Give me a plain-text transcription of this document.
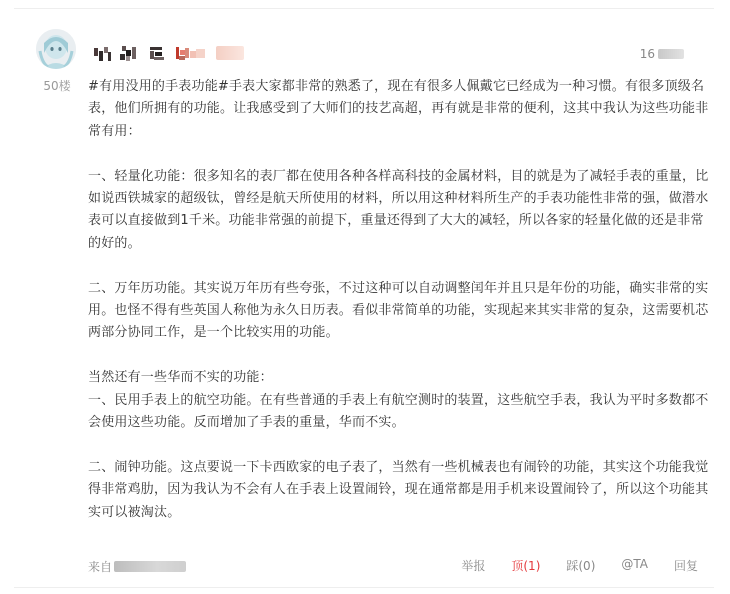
50楼
16

#有用没用的手表功能#手表大家都非常的熟悉了，现在有很多人佩戴它已经成为一种习惯。有很多顶级名表，他们所拥有的功能。让我感受到了大师们的技艺高超，再有就是非常的便利，这其中我认为这些功能非常有用：

一、轻量化功能：很多知名的表厂都在使用各种各样高科技的金属材料，目的就是为了减轻手表的重量，比如说西铁城家的超级钛，曾经是航天所使用的材料，所以用这种材料所生产的手表功能性非常的强，做潜水表可以直接做到1千米。功能非常强的前提下，重量还得到了大大的减轻，所以各家的轻量化做的还是非常的好的。

二、万年历功能。其实说万年历有些夸张，不过这种可以自动调整闰年并且只是年份的功能，确实非常的实用。也怪不得有些英国人称他为永久日历表。看似非常简单的功能，实现起来其实非常的复杂，这需要机芯两部分协同工作，是一个比较实用的功能。

当然还有一些华而不实的功能：

一、民用手表上的航空功能。在有些普通的手表上有航空测时的装置，这些航空手表，我认为平时多数都不会使用这些功能。反而增加了手表的重量，华而不实。

二、闹钟功能。这点要说一下卡西欧家的电子表了，当然有一些机械表也有闹铃的功能，其实这个功能我觉得非常鸡肋，因为我认为不会有人在手表上设置闹铃，现在通常都是用手机来设置闹铃了，所以这个功能其实可以被淘汰。

来自	举报 顶(1) 踩(0) @TA 回复
